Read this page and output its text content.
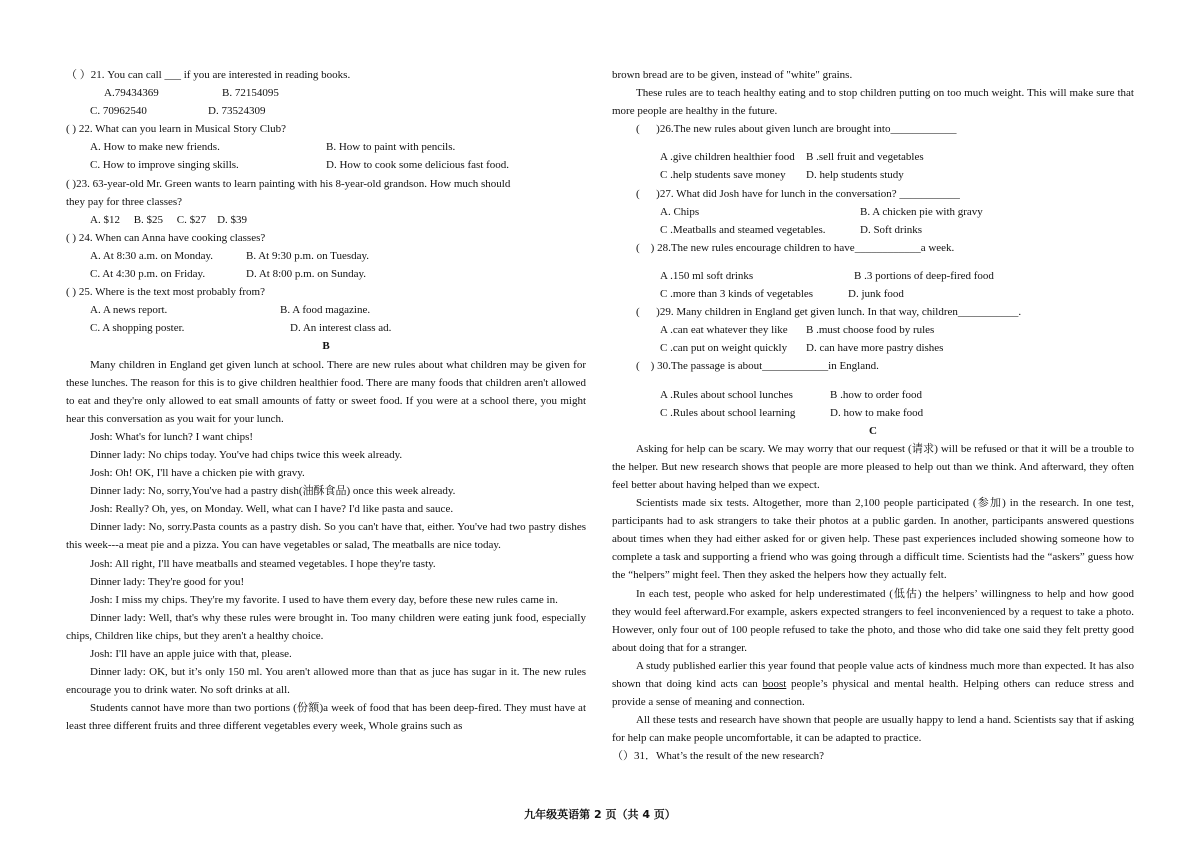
（ ）21. You can call ___ if you are interested in reading books.
A.79434369	B. 72154095
C. 70962540	D. 73524309
( ) 22. What can you learn in Musical Story Club?
A. How to make new friends.	B. How to paint with pencils.
C. How to improve singing skills.	D. How to cook some delicious fast food.
( )23. 63-year-old Mr. Green wants to learn painting with his 8-year-old grandson. How much should
they pay for three classes?
A. $12     B. $25     C. $27    D. $39
( ) 24. When can Anna have cooking classes?
A. At 8:30 a.m. on Monday.	B. At 9:30 p.m. on Tuesday.
C. At 4:30 p.m. on Friday.	D. At 8:00 p.m. on Sunday.
( ) 25. Where is the text most probably from?
A. A news report.	B. A food magazine.
C. A shopping poster.	D. An interest class ad.
B
Many children in England get given lunch at school. There are new rules about what children may be given for these lunches. The reason for this is to give children healthier food. There are many foods that children aren't allowed to eat and they're only allowed to eat small amounts of fatty or sweet food. If you were at a school there, you might hear this conversation as you wait for your lunch.
Josh: What's for lunch? I want chips!
Dinner lady: No chips today. You've had chips twice this week already.
Josh: Oh! OK, I'll have a chicken pie with gravy.
Dinner lady: No, sorry,You've had a pastry dish(油酥食品) once this week already.
Josh: Really? Oh, yes, on Monday. Well, what can I have? I'd like pasta and sauce.
Dinner lady: No, sorry.Pasta counts as a pastry dish. So you can't have that, either. You've had two pastry dishes this week---a meat pie and a pizza. You can have vegetables or salad, The meatballs are nice today.
Josh: All right, I'll have meatballs and steamed vegetables. I hope they're tasty.
Dinner lady: They're good for you!
Josh: I miss my chips. They're my favorite. I used to have them every day, before these new rules came in.
Dinner lady: Well, that's why these rules were brought in. Too many children were eating junk food, especially chips, Children like chips, but they aren't a healthy choice.
Josh: I'll have an apple juice with that, please.
Dinner lady: OK, but it’s only 150 ml. You aren't allowed more than that as juce has sugar in it. The new rules encourage you to drink water. No soft drinks at all.
Students cannot have more than two portions (份额)a week of food that has been deep-fired. They must have at least three different fruits and three different vegetables every week, Whole grains such as
brown bread are to be given, instead of "white" grains.
These rules are to teach healthy eating and to stop children putting on too much weight. This will make sure that more people are healthy in the future.
(      )26.The new rules about given lunch are brought into____________
A .give children healthier food B .sell fruit and vegetables
C .help students save money D. help students study
(      )27. What did Josh have for lunch in the conversation? ___________
A. Chips	B. A chicken pie with gravy
C .Meatballs and steamed vegetables.	D. Soft drinks
(    ) 28.The new rules encourage children to have____________a week.
A .150 ml soft drinks	B .3 portions of deep-fired food
C .more than 3 kinds of vegetables	D. junk food
(      )29. Many children in England get given lunch. In that way, children___________.
A .can eat whatever they like B .must choose food by rules
C .can put on weight quickly D. can have more pastry dishes
(    ) 30.The passage is about____________in England.
A .Rules about school lunches	B .how to order food
C .Rules about school learning	D. how to make food
C
Asking for help can be scary. We may worry that our request (请求) will be refused or that it will be a trouble to the helper. But new research shows that people are more pleased to help out than we think. And afterward, they often feel better about having helped than we expect.
Scientists made six tests. Altogether, more than 2,100 people participated (参加) in the research. In one test, participants had to ask strangers to take their photos at a public garden. In another, participants answered questions about times when they had either asked for or given help. These past experiences included showing someone how to complete a task and supporting a friend who was going through a difficult time. Scientists had the “askers” guess how the “helpers” might feel. Then they asked the helpers how they actually felt.
In each test, people who asked for help underestimated (低估) the helpers’ willingness to help and how good they would feel afterward.For example, askers expected strangers to feel inconvenienced by a request to take a photo. However, only four out of 100 people refused to take the photo, and those who did take one said they felt pretty good about doing that for a stranger.
A study published earlier this year found that people value acts of kindness much more than expected. It has also shown that doing kind acts can boost people’s physical and mental health. Helping others can reduce stress and provide a sense of meaning and connection.
All these tests and research have shown that people are usually happy to lend a hand. Scientists say that if asking for help can make people uncomfortable, it can be adapted to practice.
（）31．What’s the result of the new research?
九年级英语第 2 页（共 4 页）
